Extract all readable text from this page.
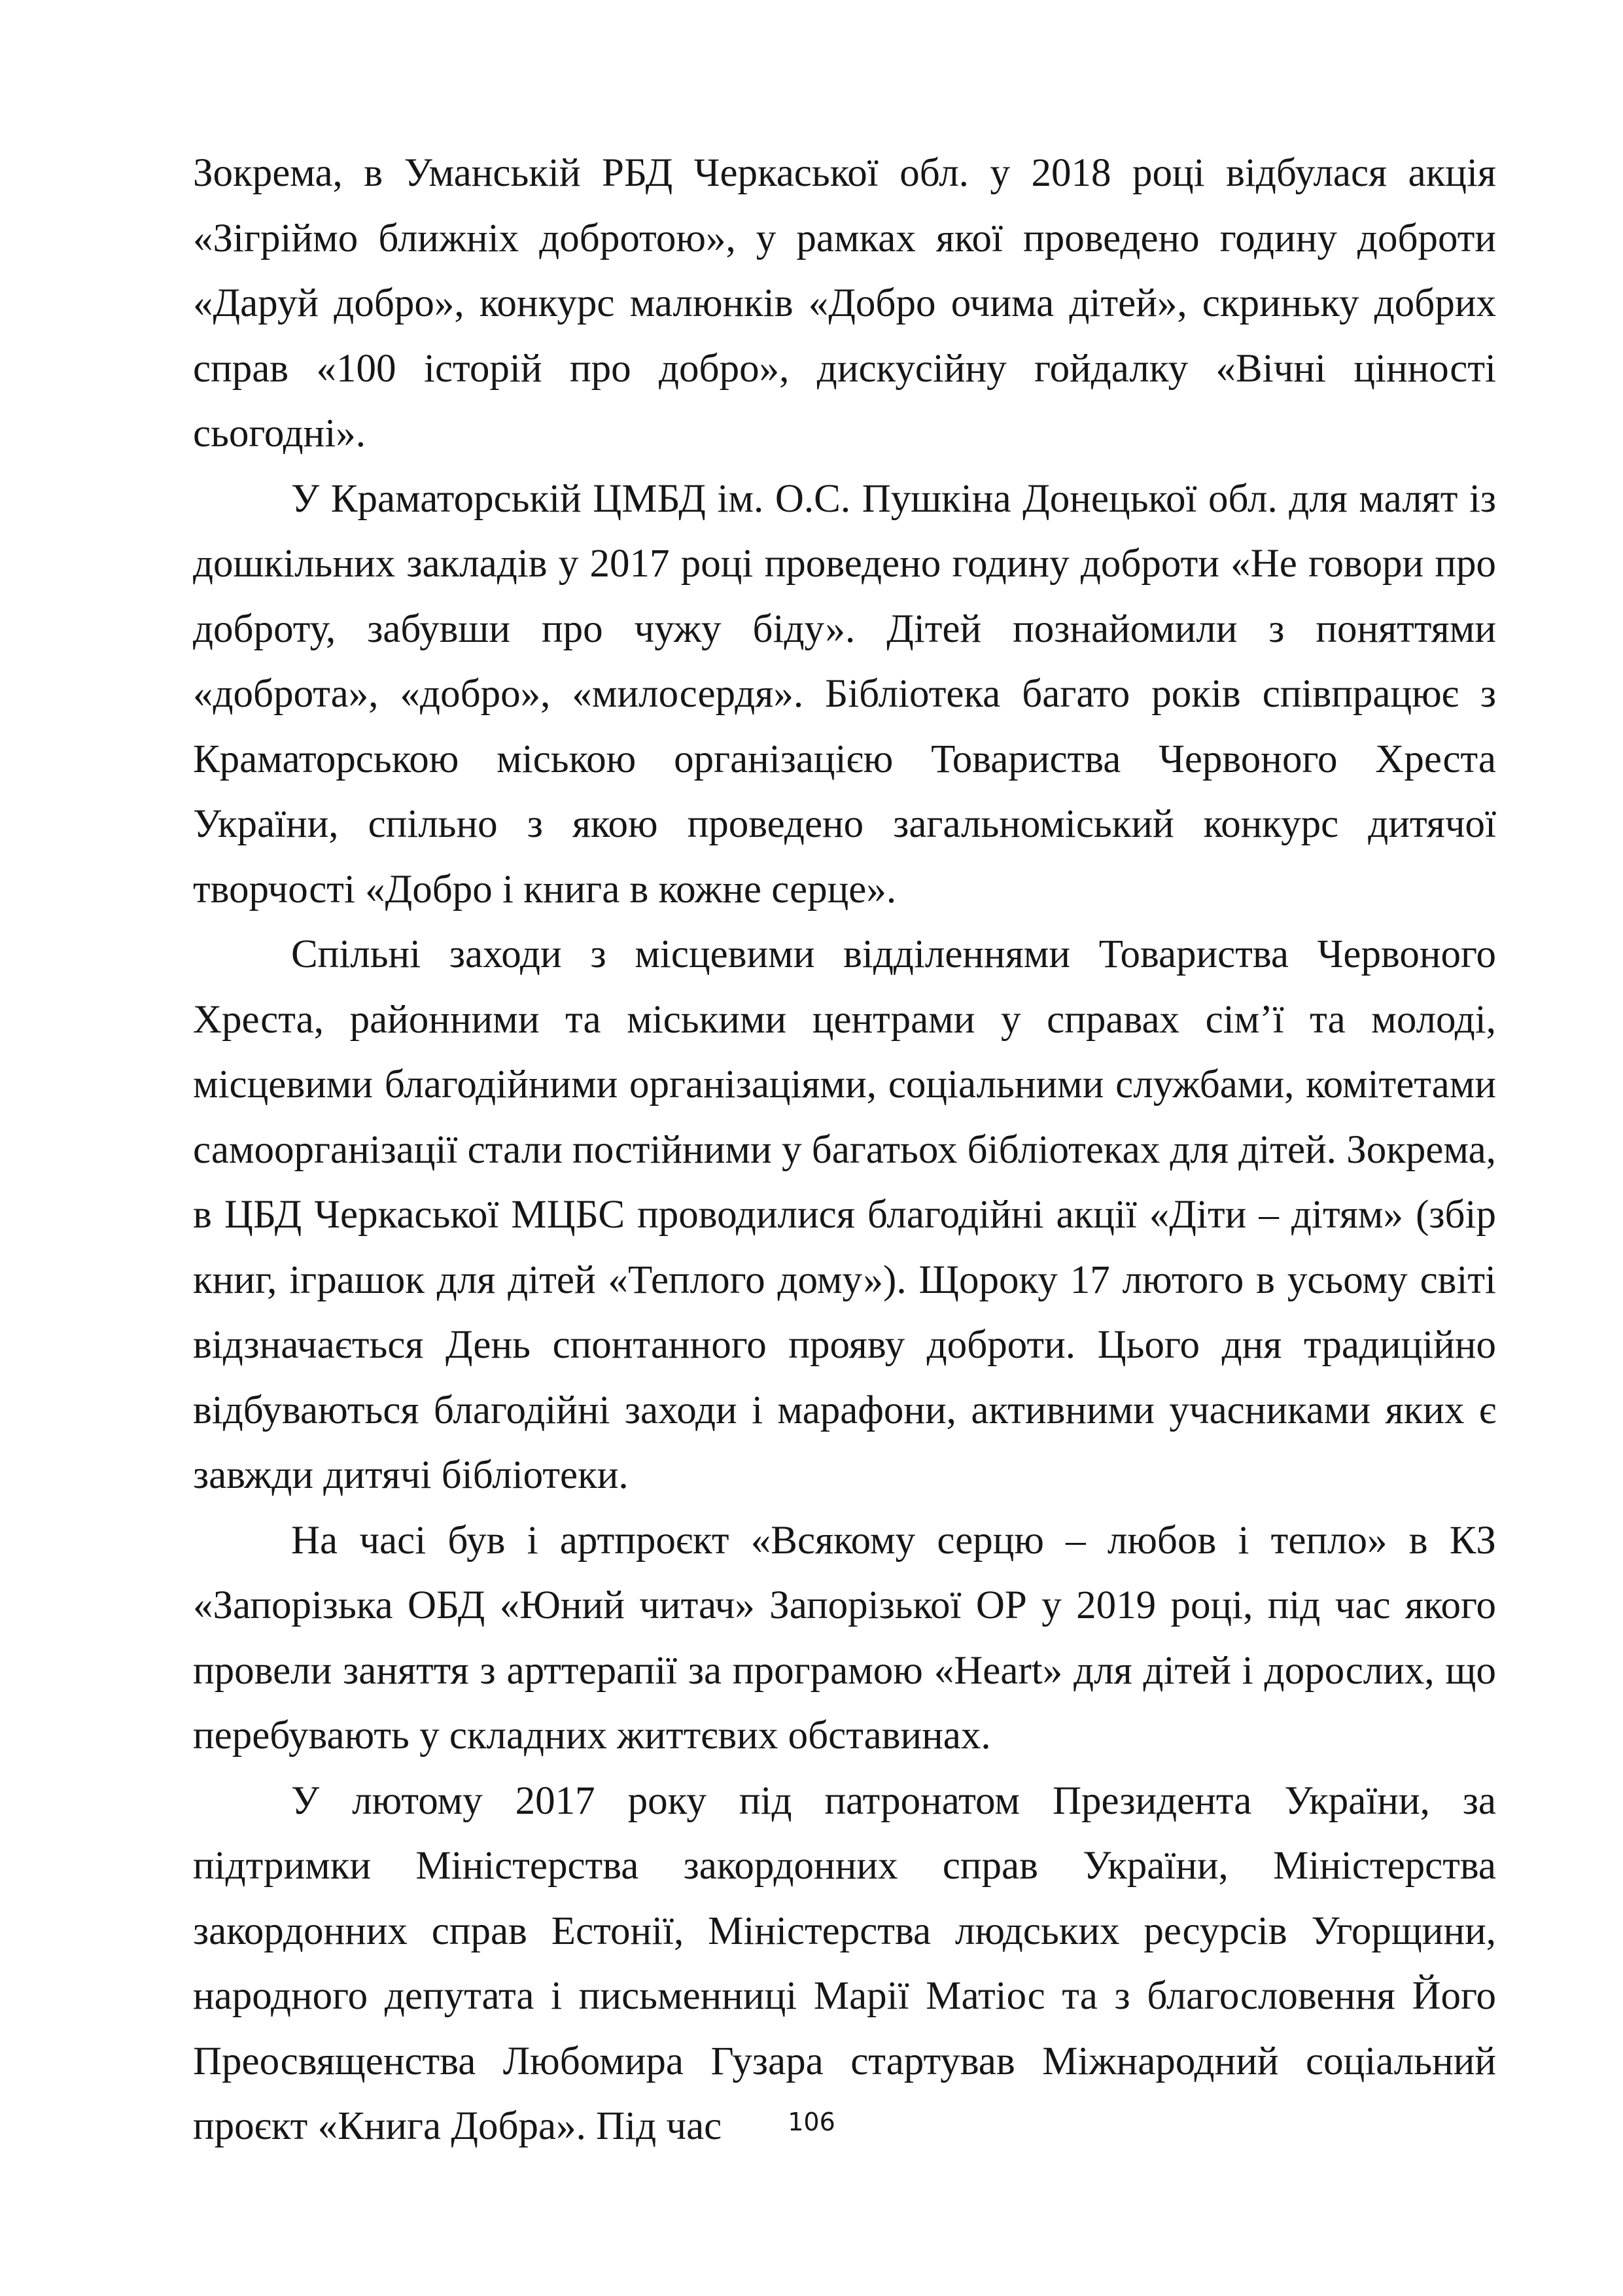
Зокрема, в Уманській РБД Черкаської обл. у 2018 році відбулася акція «Зігріймо ближніх добротою», у рамках якої проведено годину доброти «Даруй добро», конкурс малюнків «Добро очима дітей», скриньку добрих справ «100 історій про добро», дискусійну гойдалку «Вічні цінності сьогодні».

У Краматорській ЦМБД ім. О.С. Пушкіна Донецької обл. для малят із дошкільних закладів у 2017 році проведено годину доброти «Не говори про доброту, забувши про чужу біду». Дітей познайомили з поняттями «доброта», «добро», «милосердя». Бібліотека багато років співпрацює з Краматорською міською організацією Товариства Червоного Хреста України, спільно з якою проведено загальноміський конкурс дитячої творчості «Добро і книга в кожне серце».

Спільні заходи з місцевими відділеннями Товариства Червоного Хреста, районними та міськими центрами у справах сім’ї та молоді, місцевими благодійними організаціями, соціальними службами, комітетами самоорганізації стали постійними у багатьох бібліотеках для дітей. Зокрема, в ЦБД Черкаської МЦБС проводилися благодійні акції «Діти – дітям» (збір книг, іграшок для дітей «Теплого дому»). Щороку 17 лютого в усьому світі відзначається День спонтанного прояву доброти. Цього дня традиційно відбуваються благодійні заходи і марафони, активними учасниками яких є завжди дитячі бібліотеки.

На часі був і артпроєкт «Всякому серцю – любов і тепло» в КЗ «Запорізька ОБД «Юний читач» Запорізької ОР у 2019 році, під час якого провели заняття з арттерапії за програмою «Heart» для дітей і дорослих, що перебувають у складних життєвих обставинах.

У лютому 2017 року під патронатом Президента України, за підтримки Міністерства закордонних справ України, Міністерства закордонних справ Естонії, Міністерства людських ресурсів Угорщини, народного депутата і письменниці Марії Матіос та з благословення Його Преосвященства Любомира Гузара стартував Міжнародний соціальний проєкт «Книга Добра». Під час	106
